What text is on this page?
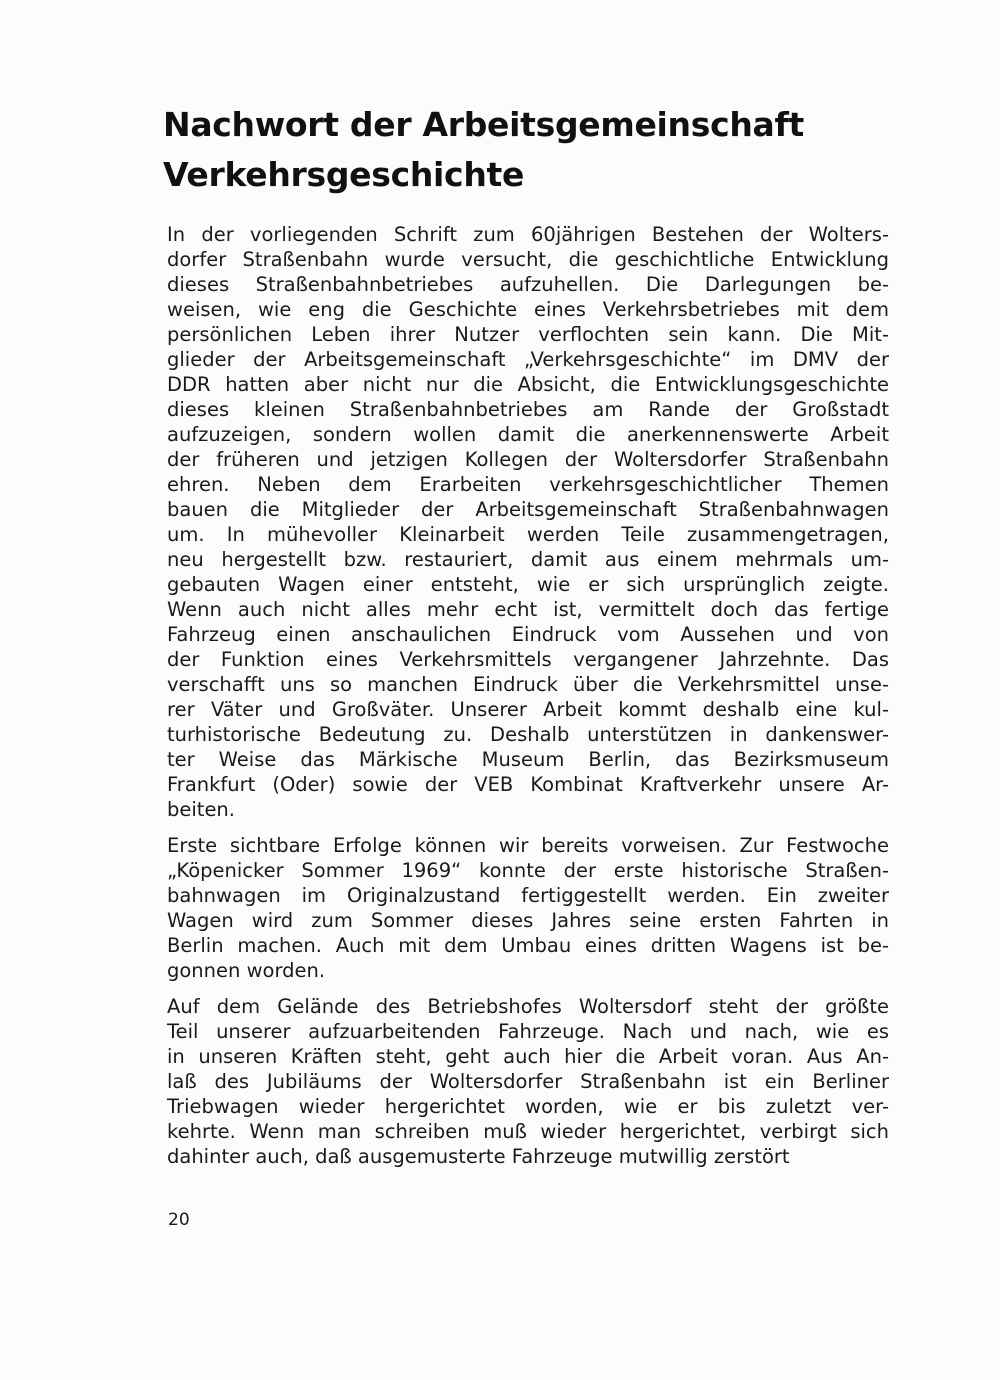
Nachwort der Arbeitsgemeinschaft
Verkehrsgeschichte
In der vorliegenden Schrift zum 60jährigen Bestehen der Wolters-
dorfer Straßenbahn wurde versucht, die geschichtliche Entwicklung
dieses Straßenbahnbetriebes aufzuhellen. Die Darlegungen be-
weisen, wie eng die Geschichte eines Verkehrsbetriebes mit dem
persönlichen Leben ihrer Nutzer verflochten sein kann. Die Mit-
glieder der Arbeitsgemeinschaft „Verkehrsgeschichte“ im DMV der
DDR hatten aber nicht nur die Absicht, die Entwicklungsgeschichte
dieses kleinen Straßenbahnbetriebes am Rande der Großstadt
aufzuzeigen, sondern wollen damit die anerkennenswerte Arbeit
der früheren und jetzigen Kollegen der Woltersdorfer Straßenbahn
ehren. Neben dem Erarbeiten verkehrsgeschichtlicher Themen
bauen die Mitglieder der Arbeitsgemeinschaft Straßenbahnwagen
um. In mühevoller Kleinarbeit werden Teile zusammengetragen,
neu hergestellt bzw. restauriert, damit aus einem mehrmals um-
gebauten Wagen einer entsteht, wie er sich ursprünglich zeigte.
Wenn auch nicht alles mehr echt ist, vermittelt doch das fertige
Fahrzeug einen anschaulichen Eindruck vom Aussehen und von
der Funktion eines Verkehrsmittels vergangener Jahrzehnte. Das
verschafft uns so manchen Eindruck über die Verkehrsmittel unse-
rer Väter und Großväter. Unserer Arbeit kommt deshalb eine kul-
turhistorische Bedeutung zu. Deshalb unterstützen in dankenswer-
ter Weise das Märkische Museum Berlin, das Bezirksmuseum
Frankfurt (Oder) sowie der VEB Kombinat Kraftverkehr unsere Ar-
beiten.
Erste sichtbare Erfolge können wir bereits vorweisen. Zur Festwoche
„Köpenicker Sommer 1969“ konnte der erste historische Straßen-
bahnwagen im Originalzustand fertiggestellt werden. Ein zweiter
Wagen wird zum Sommer dieses Jahres seine ersten Fahrten in
Berlin machen. Auch mit dem Umbau eines dritten Wagens ist be-
gonnen worden.
Auf dem Gelände des Betriebshofes Woltersdorf steht der größte
Teil unserer aufzuarbeitenden Fahrzeuge. Nach und nach, wie es
in unseren Kräften steht, geht auch hier die Arbeit voran. Aus An-
laß des Jubiläums der Woltersdorfer Straßenbahn ist ein Berliner
Triebwagen wieder hergerichtet worden, wie er bis zuletzt ver-
kehrte. Wenn man schreiben muß wieder hergerichtet, verbirgt sich
dahinter auch, daß ausgemusterte Fahrzeuge mutwillig zerstört
20
